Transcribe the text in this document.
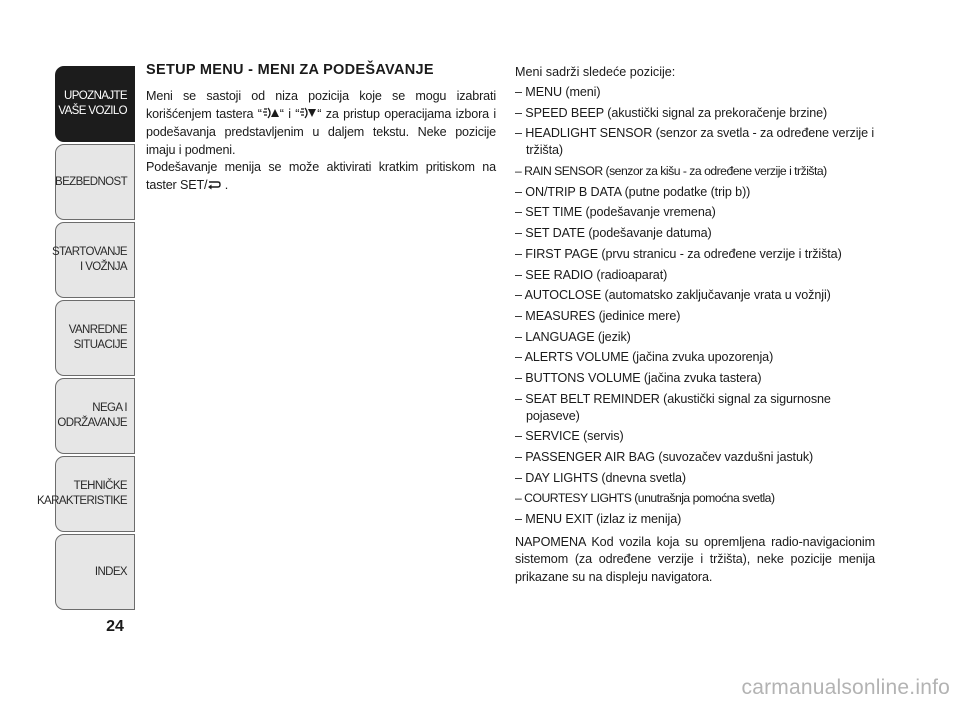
UPOZNAJTE
VAŠE VOZILO
BEZBEDNOST
STARTOVANJE
I VOŽNJA
VANREDNE
SITUACIJE
NEGA I
ODRŽAVANJE
TEHNIČKE
KARAKTERISTIKE
INDEX
24
SETUP MENU - MENI ZA PODEŠAVANJE

Meni se sastoji od niza pozicija koje se mogu izabrati korišćenjem tastera “ “ i “ “ za pristup operacijama izbora i podešavanja predstavljenim u daljem tekstu. Neke pozicije imaju i podmeni.

Podešavanje menija se može aktivirati kratkim pritiskom na taster SET/ .

Meni sadrži sledeće pozicije:

– MENU (meni)
– SPEED BEEP (akustički signal za prekoračenje brzine)
– HEADLIGHT SENSOR (senzor za svetla - za određene verzije i tržišta)
– RAIN SENSOR (senzor za kišu - za određene verzije i tržišta)
– ON/TRIP B DATA (putne podatke (trip b))
– SET TIME (podešavanje vremena)
– SET DATE (podešavanje datuma)
– FIRST PAGE (prvu stranicu - za određene verzije i tržišta)
– SEE RADIO (radioaparat)
– AUTOCLOSE (automatsko zaključavanje vrata u vožnji)
– MEASURES (jedinice mere)
– LANGUAGE (jezik)
– ALERTS VOLUME (jačina zvuka upozorenja)
– BUTTONS VOLUME (jačina zvuka tastera)
– SEAT BELT REMINDER (akustički signal za sigurnosne pojaseve)
– SERVICE (servis)
– PASSENGER AIR BAG (suvozačev vazdušni jastuk)
– DAY LIGHTS (dnevna svetla)
– COURTESY LIGHTS (unutrašnja pomoćna svetla)
– MENU EXIT (izlaz iz menija)

NAPOMENA Kod vozila koja su opremljena radio-navigacionim sistemom (za određene verzije i tržišta), neke pozicije menija prikazane su na displeju navigatora.

carmanualsonline.info
